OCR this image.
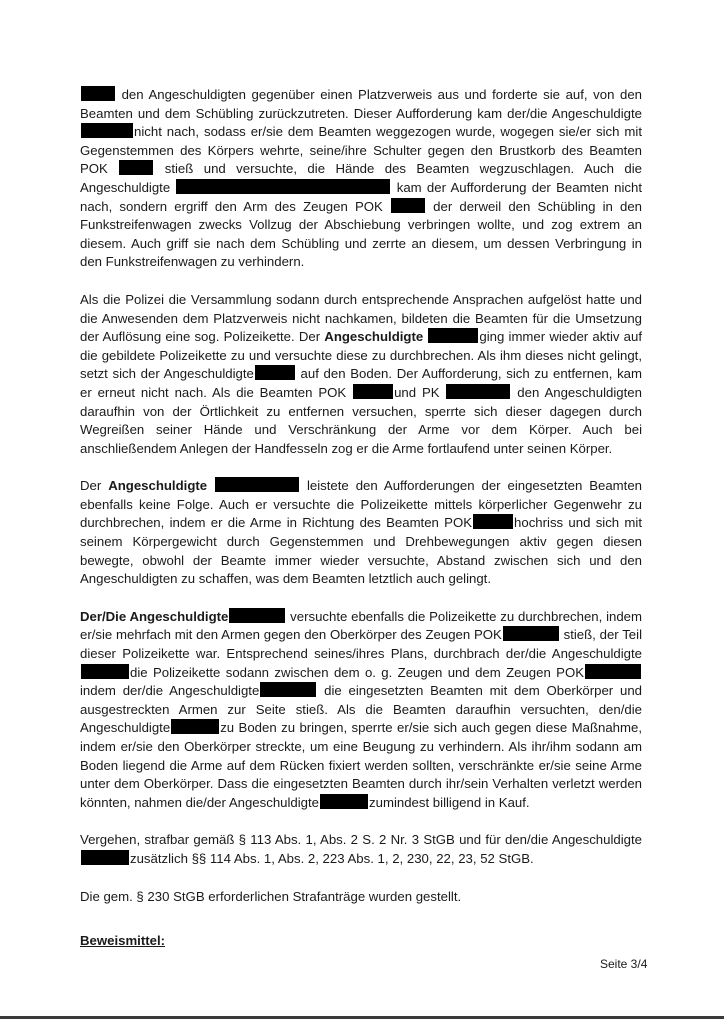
den Angeschuldigten gegenüber einen Platzverweis aus und forderte sie auf, von den Beamten und dem Schübling zurückzutreten. Dieser Aufforderung kam der/die Angeschuldigte nicht nach, sodass er/sie dem Beamten weggezogen wurde, wogegen sie/er sich mit Gegenstemmen des Körpers wehrte, seine/ihre Schulter gegen den Brustkorb des Beamten POK	stieß und versuchte, die Hände des Beamten wegzuschlagen. Auch die Angeschuldigte	kam der Aufforderung der Beamten nicht nach, sondern ergriff den Arm des Zeugen POK	der derweil den Schübling in den Funkstreifenwagen zwecks Vollzug der Abschiebung verbringen wollte, und zog extrem an diesem. Auch griff sie nach dem Schübling und zerrte an diesem, um dessen Verbringung in den Funkstreifenwagen zu verhindern.

Als die Polizei die Versammlung sodann durch entsprechende Ansprachen aufgelöst hatte und die Anwesenden dem Platzverweis nicht nachkamen, bildeten die Beamten für die Umsetzung der Auflösung eine sog. Polizeikette. Der Angeschuldigte	ging immer wieder aktiv auf die gebildete Polizeikette zu und versuchte diese zu durchbrechen. Als ihm dieses nicht gelingt, setzt sich der Angeschuldigte	auf den Boden. Der Aufforderung, sich zu entfernen, kam er erneut nicht nach. Als die Beamten POK	und PK	den Angeschuldigten daraufhin von der Örtlichkeit zu entfernen versuchen, sperrte sich dieser dagegen durch Wegreißen seiner Hände und Verschränkung der Arme vor dem Körper. Auch bei anschließendem Anlegen der Handfesseln zog er die Arme fortlaufend unter seinen Körper.

Der Angeschuldigte	leistete den Aufforderungen der eingesetzten Beamten ebenfalls keine Folge. Auch er versuchte die Polizeikette mittels körperlicher Gegenwehr zu durchbrechen, indem er die Arme in Richtung des Beamten POK	hochriss und sich mit seinem Körpergewicht durch Gegenstemmen und Drehbewegungen aktiv gegen diesen bewegte, obwohl der Beamte immer wieder versuchte, Abstand zwischen sich und den Angeschuldigten zu schaffen, was dem Beamten letztlich auch gelingt.

Der/Die Angeschuldigte	versuchte ebenfalls die Polizeikette zu durchbrechen, indem er/sie mehrfach mit den Armen gegen den Oberkörper des Zeugen POK	stieß, der Teil dieser Polizeikette war. Entsprechend seines/ihres Plans, durchbrach der/die Angeschuldigte die Polizeikette sodann zwischen dem o. g. Zeugen und dem Zeugen POK indem der/die Angeschuldigte	die eingesetzten Beamten mit dem Oberkörper und ausgestreckten Armen zur Seite stieß. Als die Beamten daraufhin versuchten, den/die Angeschuldigte	zu Boden zu bringen, sperrte er/sie sich auch gegen diese Maßnahme, indem er/sie den Oberkörper streckte, um eine Beugung zu verhindern. Als ihr/ihm sodann am Boden liegend die Arme auf dem Rücken fixiert werden sollten, verschränkte er/sie seine Arme unter dem Oberkörper. Dass die eingesetzten Beamten durch ihr/sein Verhalten verletzt werden könnten, nahmen die/der Angeschuldigte	zumindest billigend in Kauf.

Vergehen, strafbar gemäß § 113 Abs. 1, Abs. 2 S. 2 Nr. 3 StGB und für den/die Angeschuldigte zusätzlich §§ 114 Abs. 1, Abs. 2, 223 Abs. 1, 2, 230, 22, 23, 52 StGB.

Die gem. § 230 StGB erforderlichen Strafanträge wurden gestellt.

Beweismittel:

Seite 3/4
